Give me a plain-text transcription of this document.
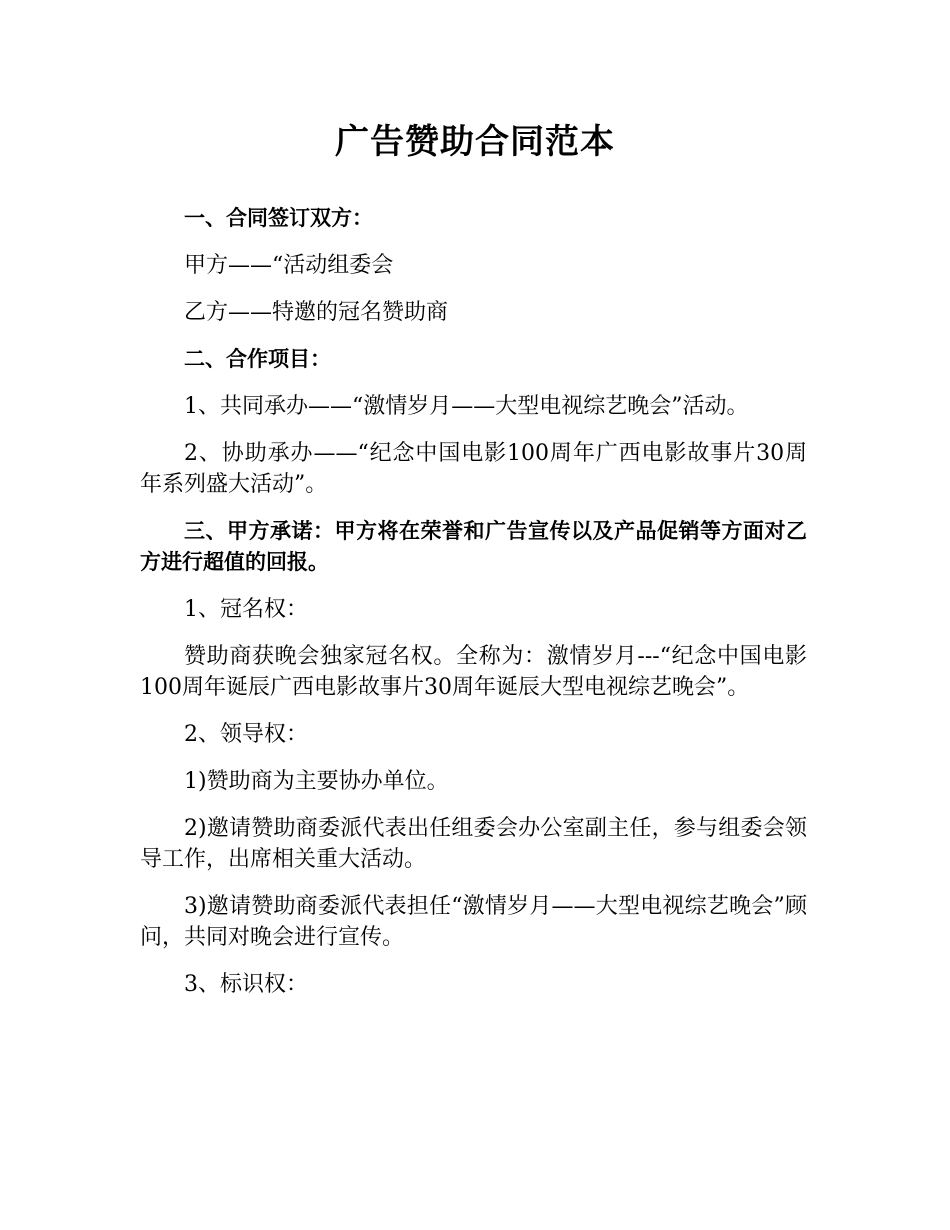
广告赞助合同范本

一、合同签订双方：

甲方——“活动组委会

乙方——特邀的冠名赞助商

二、合作项目：

1、共同承办——“激情岁月——大型电视综艺晚会”活动。

2、协助承办——“纪念中国电影100周年广西电影故事片30周年系列盛大活动”。

三、甲方承诺：甲方将在荣誉和广告宣传以及产品促销等方面对乙方进行超值的回报。

1、冠名权：

赞助商获晚会独家冠名权。全称为：激情岁月---“纪念中国电影100周年诞辰广西电影故事片30周年诞辰大型电视综艺晚会”。

2、领导权：

1)赞助商为主要协办单位。

2)邀请赞助商委派代表出任组委会办公室副主任，参与组委会领导工作，出席相关重大活动。

3)邀请赞助商委派代表担任“激情岁月——大型电视综艺晚会”顾问，共同对晚会进行宣传。

3、标识权：
